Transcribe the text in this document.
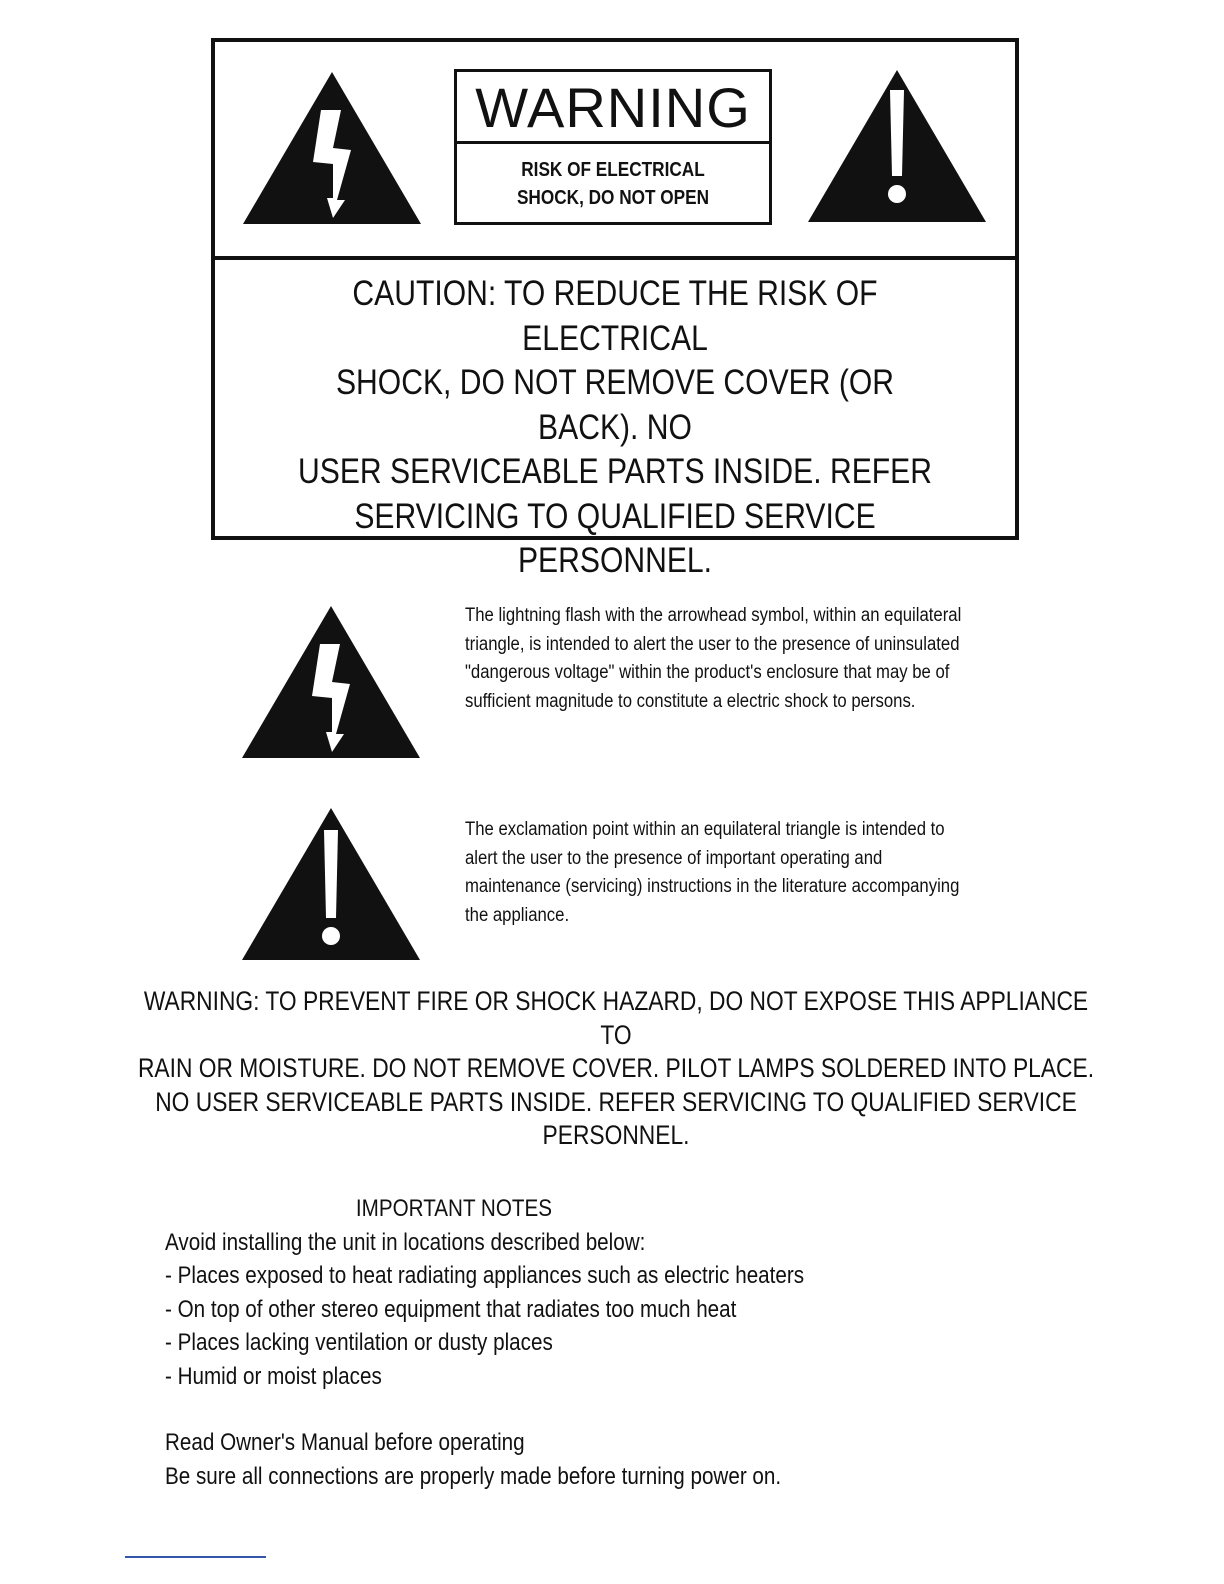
WARNING
RISK OF ELECTRICAL SHOCK, DO NOT OPEN
CAUTION: TO REDUCE THE RISK OF ELECTRICAL
SHOCK, DO NOT REMOVE COVER (OR BACK). NO
USER SERVICEABLE PARTS INSIDE. REFER
SERVICING TO QUALIFIED SERVICE PERSONNEL.
The lightning flash with the arrowhead symbol, within an equilateral
triangle, is intended to alert the user to the presence of uninsulated
"dangerous voltage" within the product's enclosure that may be of
sufficient magnitude to constitute a electric shock to persons.
The exclamation point within an equilateral triangle is intended to
alert the user to the presence of important operating and
maintenance (servicing) instructions in the literature accompanying
the appliance.
WARNING: TO PREVENT FIRE OR SHOCK HAZARD, DO NOT EXPOSE THIS APPLIANCE TO
RAIN OR MOISTURE. DO NOT REMOVE COVER. PILOT LAMPS SOLDERED INTO PLACE.
NO USER SERVICEABLE PARTS INSIDE. REFER SERVICING TO QUALIFIED SERVICE
PERSONNEL.
IMPORTANT NOTES
Avoid installing the unit in locations described below:
- Places exposed to heat radiating appliances such as electric heaters
- On top of other stereo equipment that radiates too much heat
- Places lacking ventilation or dusty places
- Humid or moist places
Read Owner's Manual before operating
Be sure all connections are properly made before turning power on.
